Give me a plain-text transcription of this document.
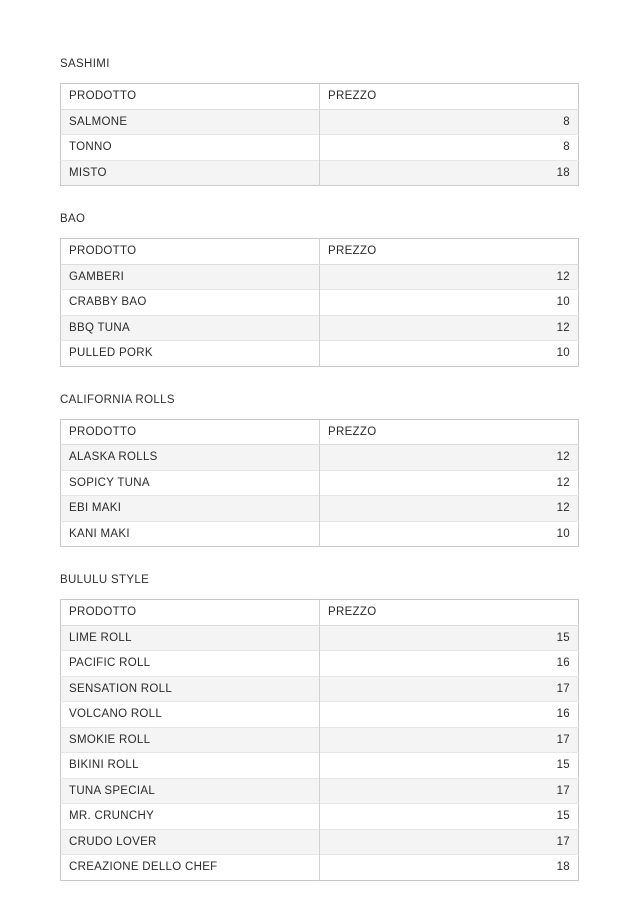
SASHIMI
PRODOTTO	PREZZO
SALMONE	8
TONNO	8
MISTO	18
BAO
PRODOTTO	PREZZO
GAMBERI	12
CRABBY BAO	10
BBQ TUNA	12
PULLED PORK	10
CALIFORNIA ROLLS
PRODOTTO	PREZZO
ALASKA ROLLS	12
SOPICY TUNA	12
EBI MAKI	12
KANI MAKI	10
BULULU STYLE
PRODOTTO	PREZZO
LIME ROLL	15
PACIFIC ROLL	16
SENSATION ROLL	17
VOLCANO ROLL	16
SMOKIE ROLL	17
BIKINI ROLL	15
TUNA SPECIAL	17
MR. CRUNCHY	15
CRUDO LOVER	17
CREAZIONE DELLO CHEF	18
